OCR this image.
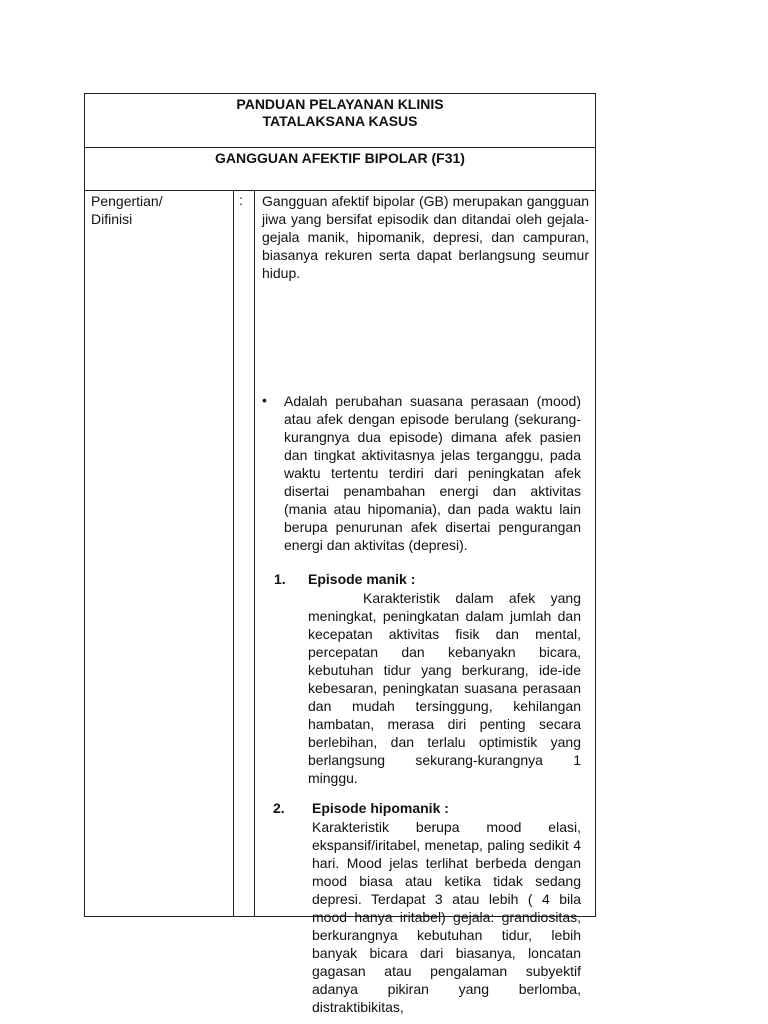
PANDUAN PELAYANAN KLINIS
TATALAKSANA KASUS
GANGGUAN AFEKTIF BIPOLAR (F31)
Pengertian/
Difinisi
: Gangguan afektif bipolar (GB) merupakan gangguan jiwa yang bersifat episodik dan ditandai oleh gejala-gejala manik, hipomanik, depresi, dan campuran, biasanya rekuren serta dapat berlangsung seumur hidup.
• Adalah perubahan suasana perasaan (mood) atau afek dengan episode berulang (sekurang-kurangnya dua episode) dimana afek pasien dan tingkat aktivitasnya jelas terganggu, pada waktu tertentu terdiri dari peningkatan afek disertai penambahan energi dan aktivitas (mania atau hipomania), dan pada waktu lain berupa penurunan afek disertai pengurangan energi dan aktivitas (depresi).
1. Episode manik :
Karakteristik dalam afek yang meningkat, peningkatan dalam jumlah dan kecepatan aktivitas fisik dan mental, percepatan dan kebanyakn bicara, kebutuhan tidur yang berkurang, ide-ide kebesaran, peningkatan suasana perasaan dan mudah tersinggung, kehilangan hambatan, merasa diri penting secara berlebihan, dan terlalu optimistik yang berlangsung sekurang-kurangnya 1 minggu.
2. Episode hipomanik :
Karakteristik berupa mood elasi, ekspansif/iritabel, menetap, paling sedikit 4 hari. Mood jelas terlihat berbeda dengan mood biasa atau ketika tidak sedang depresi. Terdapat 3 atau lebih ( 4 bila mood hanya iritabel) gejala: grandiositas, berkurangnya kebutuhan tidur, lebih banyak bicara dari biasanya, loncatan gagasan atau pengalaman subyektif adanya pikiran yang berlomba, distraktibikitas,
